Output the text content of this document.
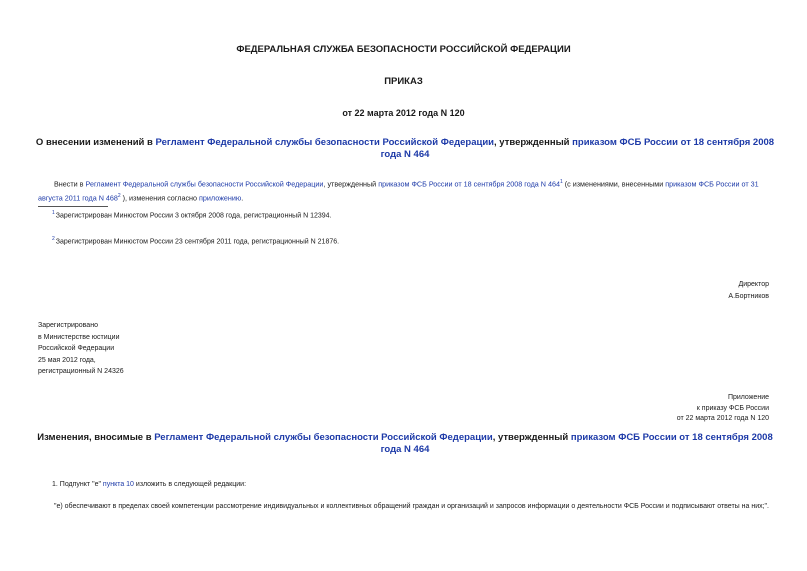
ФЕДЕРАЛЬНАЯ СЛУЖБА БЕЗОПАСНОСТИ РОССИЙСКОЙ ФЕДЕРАЦИИ
ПРИКАЗ
от 22 марта 2012 года N 120
О внесении изменений в Регламент Федеральной службы безопасности Российской Федерации, утвержденный приказом ФСБ России от 18 сентября 2008 года N 464
Внести в Регламент Федеральной службы безопасности Российской Федерации, утвержденный приказом ФСБ России от 18 сентября 2008 года N $464^1$ (с изменениями, внесенными приказом ФСБ России от 31 августа 2011 года N $468^2$ ), изменения согласно приложению.
$^1$Зарегистрирован Минюстом России 3 октября 2008 года, регистрационный N 12394.
$^2$Зарегистрирован Минюстом России 23 сентября 2011 года, регистрационный N 21876.
Директор
А.Бортников
Зарегистрировано
в Министерстве юстиции
Российской Федерации
25 мая 2012 года,
регистрационный N 24326
Приложение
к приказу ФСБ России
от 22 марта 2012 года N 120
Изменения, вносимые в Регламент Федеральной службы безопасности Российской Федерации, утвержденный приказом ФСБ России от 18 сентября 2008 года N 464
1. Подпункт "е" пункта 10 изложить в следующей редакции:
"е) обеспечивают в пределах своей компетенции рассмотрение индивидуальных и коллективных обращений граждан и организаций и запросов информации о деятельности ФСБ России и подписывают ответы на них;".
